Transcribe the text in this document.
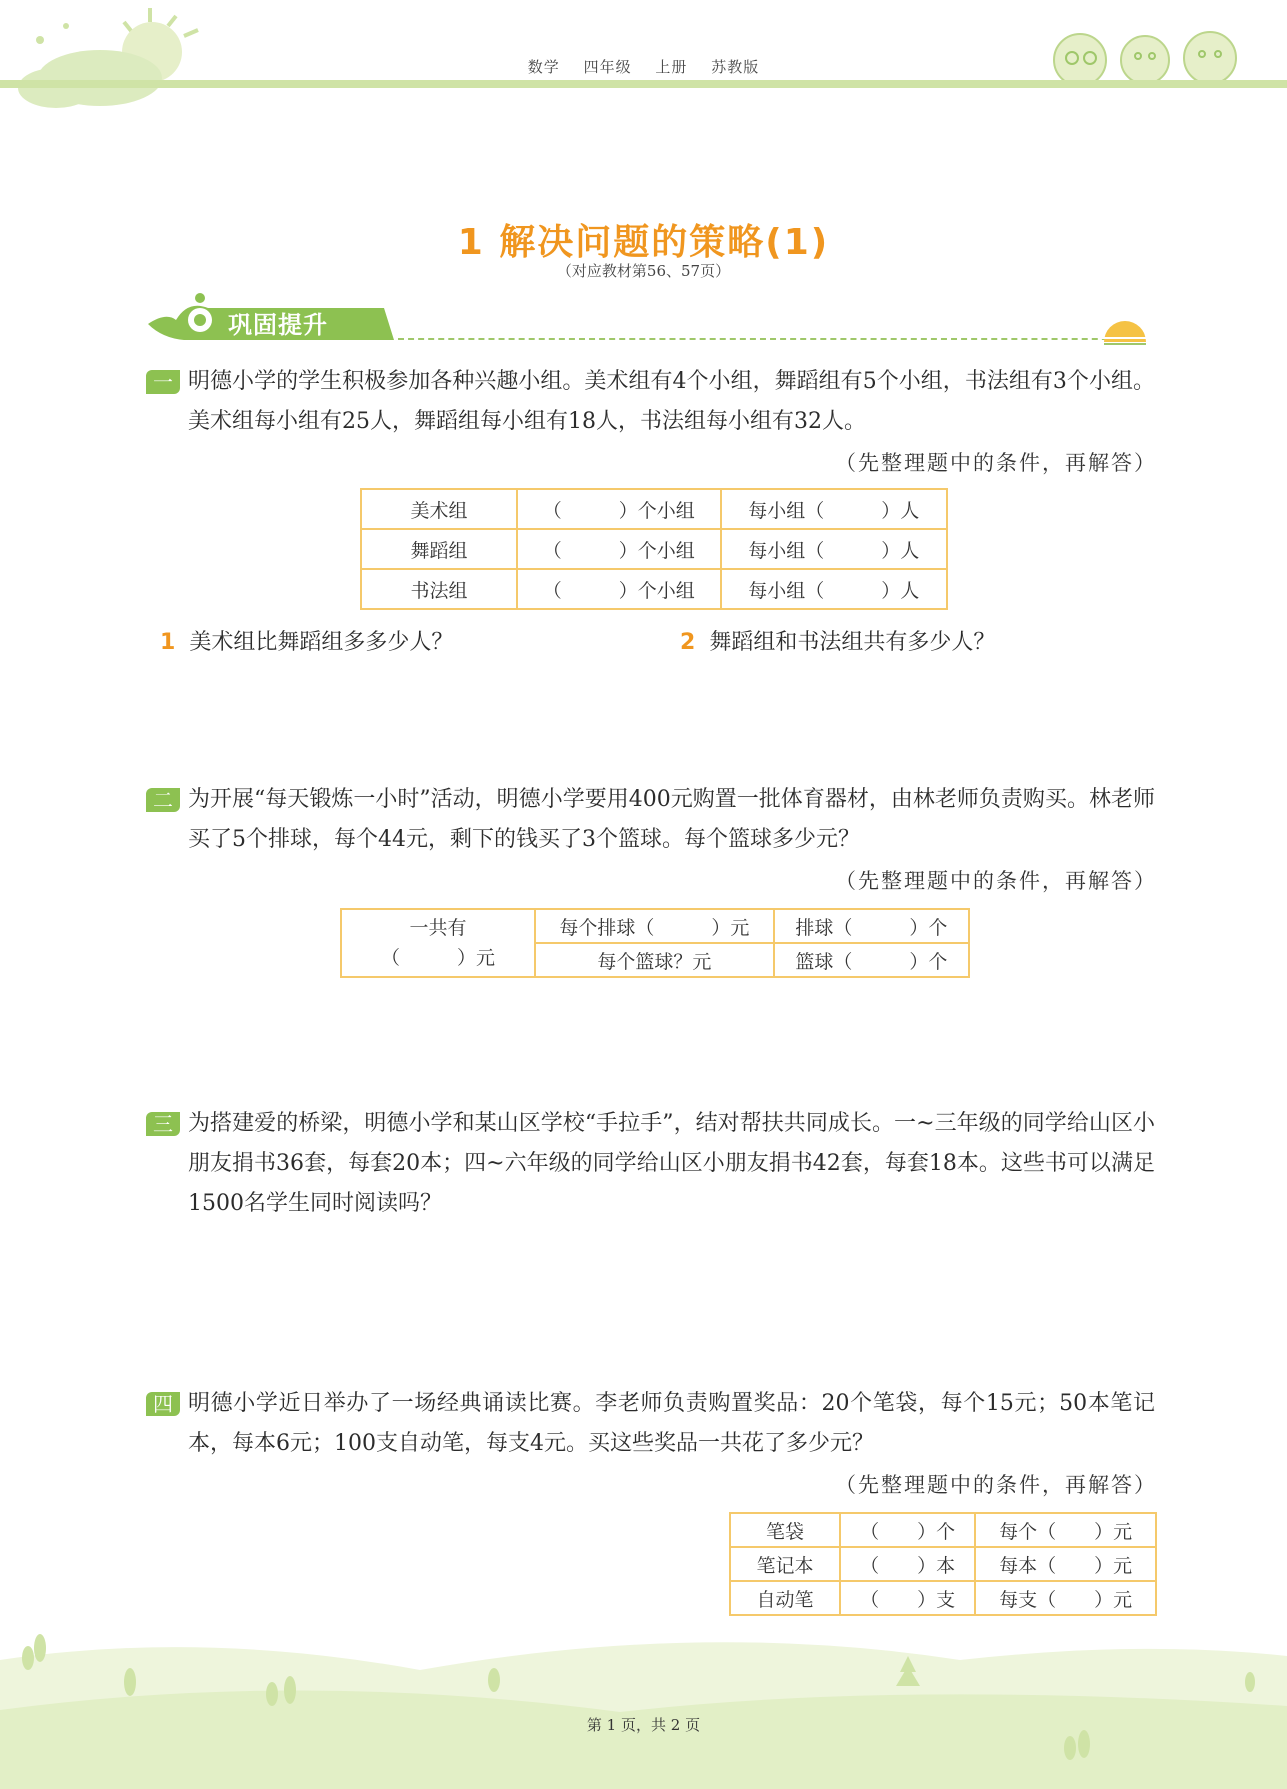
数学 四年级 上册 苏教版
1 解决问题的策略(1)
（对应教材第56、57页）
巩固提升
一 明德小学的学生积极参加各种兴趣小组。美术组有4个小组，舞蹈组有5个小组，书法组有3个小组。美术组每小组有25人，舞蹈组每小组有18人，书法组每小组有32人。
（先整理题中的条件，再解答）
美术组	（　　　）个小组	每小组（　　　）人
舞蹈组	（　　　）个小组	每小组（　　　）人
书法组	（　　　）个小组	每小组（　　　）人
1 美术组比舞蹈组多多少人？	2 舞蹈组和书法组共有多少人？
二 为开展“每天锻炼一小时”活动，明德小学要用400元购置一批体育器材，由林老师负责购买。林老师买了5个排球，每个44元，剩下的钱买了3个篮球。每个篮球多少元？
（先整理题中的条件，再解答）
一共有
（　　　）元	每个排球（　　　）元	排球（　　　）个
	每个篮球？元	篮球（　　　）个
三 为搭建爱的桥梁，明德小学和某山区学校“手拉手”，结对帮扶共同成长。一~三年级的同学给山区小朋友捐书36套，每套20本；四~六年级的同学给山区小朋友捐书42套，每套18本。这些书可以满足1500名学生同时阅读吗？
四 明德小学近日举办了一场经典诵读比赛。李老师负责购置奖品：20个笔袋，每个15元；50本笔记本，每本6元；100支自动笔，每支4元。买这些奖品一共花了多少元？
（先整理题中的条件，再解答）
笔袋	（　　）个	每个（　　）元
笔记本	（　　）本	每本（　　）元
自动笔	（　　）支	每支（　　）元
第 1 页，共 2 页
